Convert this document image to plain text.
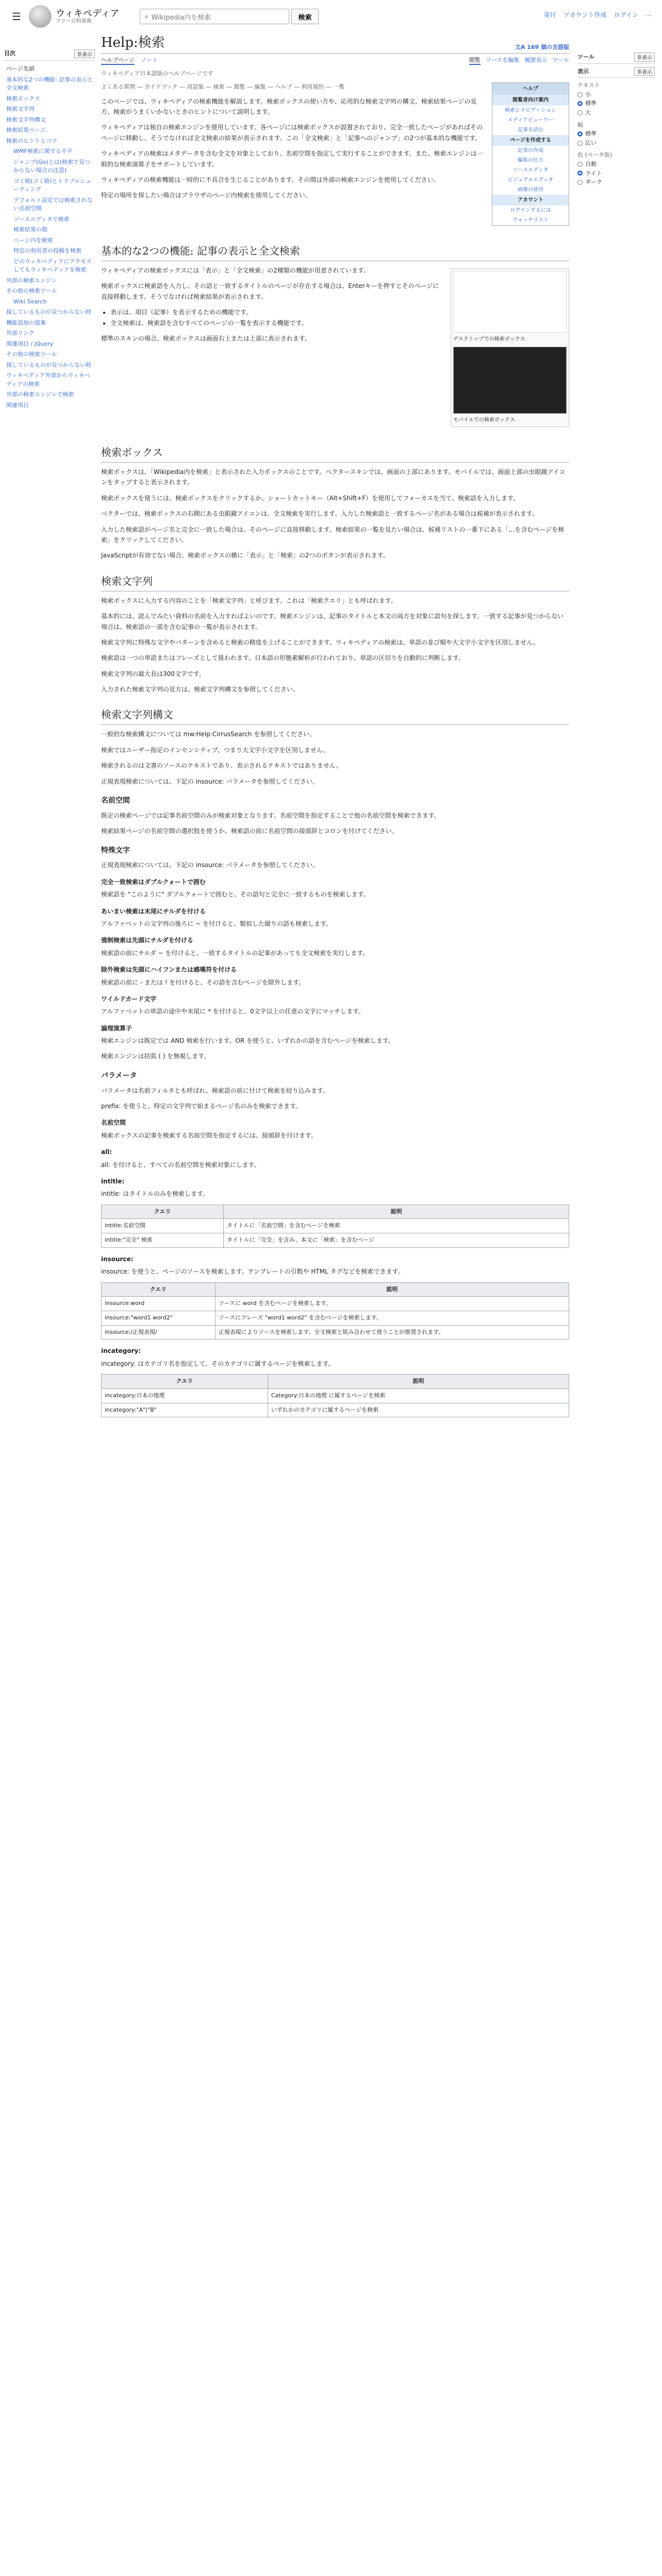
☰	ウィキペディア
フリー百科事典
⌕ Wikipedia内を検索	検索	寄付 アカウント作成 ログイン …
目次	非表示
ページ先頭
基本的な2つの機能: 記事の表示と全文検索
検索ボックス
検索文字列
検索文字列構文
検索結果ページ
検索のヒントとコツ
WMF検索に関する不平
ジャンプ(Go)とは(検索で見つからない場合の注意)
ゴミ箱(ゴミ箱)とトラブルシューティング
デフォルト設定では検索されない名前空間
ソースエディタで検索
検索結果の数
ページ内を検索
特定の利用者の投稿を検索
どのウィキペディアにアクセスしてもウィキペディアを検索
外部の検索エンジン
その他の検索ツール
Wiki Search
探しているものが見つからない時
機能追加の提案
外部リンク
関連項目 / jQuery
その他の検索ツール
探しているものが見つからない時
ウィキペディア外部からウィキペディアの検索
外部の検索エンジンで検索
関連項目
ツール	非表示
表示	非表示
テキスト
小
標準
大
幅
標準
広い
色 (ベータ版)
自動
ライト
ダーク
Help:検索	文A 169 個の言語版
ヘルプページ ノート	閲覧 ソースを編集 履歴表示 ツール
ウィキペディア日本語版のヘルプページです
ヘルプ
閲覧者向け案内
検索とナビゲーション
メディアビューワー
記事を読む
ページを作成する
記事の作成
編集の仕方
ソースエディタ
ビジュアルエディタ
画像の使用
アカウント
ログインするには
ウォッチリスト
よくある質問 ― ガイドブック ― 用語集 ― 検索 ― 閲覧 ― 編集 ― ヘルプ ― 利用規約 ― 一覧

このページでは、ウィキペディアの検索機能を解説します。検索ボックスの使い方や、応用的な検索文字列の構文、検索結果ページの見方、検索がうまくいかないときのヒントについて説明します。

ウィキペディアは独自の検索エンジンを使用しています。各ページには検索ボックスが設置されており、完全一致したページがあればそのページに移動し、そうでなければ全文検索の結果が表示されます。この「全文検索」と「記事へのジャンプ」の2つが基本的な機能です。

ウィキペディアの検索はメタデータを含む全文を対象としており、名前空間を指定して実行することができます。また、検索エンジンは一般的な検索演算子をサポートしています。

ウィキペディアの検索機能は一時的に不具合を生じることがあります。その間は外部の検索エンジンを使用してください。

特定の場所を探したい場合はブラウザのページ内検索を使用してください。

基本的な2つの機能: 記事の表示と全文検索
デスクトップでの検索ボックス
モバイルでの検索ボックス

ウィキペディアの検索ボックスには「表示」と「全文検索」の2種類の機能が用意されています。

検索ボックスに検索語を入力し、その語と一致するタイトルのページが存在する場合は、Enterキーを押すとそのページに直接移動します。そうでなければ検索結果が表示されます。

• 表示は、項目（記事）を表示するための機能です。
• 全文検索は、検索語を含むすべてのページの一覧を表示する機能です。

標準のスキンの場合、検索ボックスは画面右上または上部に表示されます。

検索ボックス

検索ボックスは、「Wikipedia内を検索」と表示された入力ボックスのことです。ベクタースキンでは、画面の上部にあります。モバイルでは、画面上部の虫眼鏡アイコンをタップすると表示されます。

検索ボックスを使うには、検索ボックスをクリックするか、ショートカットキー（Alt+Shift+F）を使用してフォーカスを当て、検索語を入力します。

ベクターでは、検索ボックスの右側にある虫眼鏡アイコンは、全文検索を実行します。入力した検索語と一致するページ名がある場合は候補が表示されます。

入力した検索語がページ名と完全に一致した場合は、そのページに直接移動します。検索結果の一覧を見たい場合は、候補リストの一番下にある「…を含むページを検索」をクリックしてください。

JavaScriptが有効でない場合、検索ボックスの横に「表示」と「検索」の2つのボタンが表示されます。

検索文字列

検索ボックスに入力する内容のことを「検索文字列」と呼びます。これは「検索クエリ」とも呼ばれます。

基本的には、読んでみたい資料の名前を入力すればよいのです。検索エンジンは、記事のタイトルと本文の両方を対象に語句を探します。一致する記事が見つからない場合は、検索語の一部を含む記事の一覧が表示されます。

検索文字列に特殊な文字やパターンを含めると検索の精度を上げることができます。ウィキペディアの検索は、単語の並び順や大文字小文字を区別しません。

検索語は一つの単語またはフレーズとして扱われます。日本語の形態素解析が行われており、単語の区切りを自動的に判断します。

検索文字列の最大長は300文字です。

入力された検索文字列の見方は、検索文字列構文を参照してください。

検索文字列構文

一般的な検索構文については mw:Help:CirrusSearch を参照してください。

検索ではユーザー指定のインセンシティブ、つまり大文字小文字を区別しません。

検索されるのは文書のソースのテキストであり、表示されるテキストではありません。

正規表現検索については、下記の insource: パラメータを参照してください。

名前空間

既定の検索ページでは記事名前空間のみが検索対象となります。名前空間を指定することで他の名前空間を検索できます。

検索結果ページの名前空間の選択肢を使うか、検索語の前に名前空間の接頭辞とコロンを付けてください。

特殊文字

正規表現検索については、下記の insource: パラメータを参照してください。

完全一致検索はダブルクォートで囲む

検索語を "このように" ダブルクォートで囲むと、その語句と完全に一致するものを検索します。

あいまい検索は末尾にチルダを付ける

アルファベットの文字列の後ろに ~ を付けると、類似した綴りの語も検索します。

強制検索は先頭にチルダを付ける

検索語の前にチルダ ~ を付けると、一致するタイトルの記事があっても全文検索を実行します。

除外検索は先頭にハイフンまたは感嘆符を付ける

検索語の前に - または ! を付けると、その語を含むページを除外します。

ワイルドカード文字

アルファベットの単語の途中や末尾に * を付けると、0文字以上の任意の文字にマッチします。

論理演算子

検索エンジンは既定では AND 検索を行います。OR を使うと、いずれかの語を含むページを検索します。

検索エンジンは括弧 ( ) を無視します。

パラメータ

パラメータは名前フィルタとも呼ばれ、検索語の前に付けて検索を絞り込みます。

prefix: を使うと、特定の文字列で始まるページ名のみを検索できます。

名前空間

検索ボックスの記事を検索する名前空間を指定するには、接頭辞を付けます。

all:

all: を付けると、すべての名前空間を検索対象にします。

intitle:

intitle: はタイトルのみを検索します。

クエリ	説明
intitle:名前空間	タイトルに「名前空間」を含むページを検索
intitle:"完全" 検索	タイトルに「完全」を含み、本文に「検索」を含むページ
insource:

insource: を使うと、ページのソースを検索します。テンプレートの引数や HTML タグなどを検索できます。

クエリ	説明
insource:word	ソースに word を含むページを検索します。
insource:"word1 word2"	ソースにフレーズ "word1 word2" を含むページを検索します。
insource:/正規表現/	正規表現によりソースを検索します。全文検索と組み合わせて使うことが推奨されます。
incategory:

incategory: はカテゴリ名を指定して、そのカテゴリに属するページを検索します。

クエリ	説明
incategory:日本の地理	Category:日本の地理 に属するページを検索
incategory:"A"|"B"	いずれかのカテゴリに属するページを検索
